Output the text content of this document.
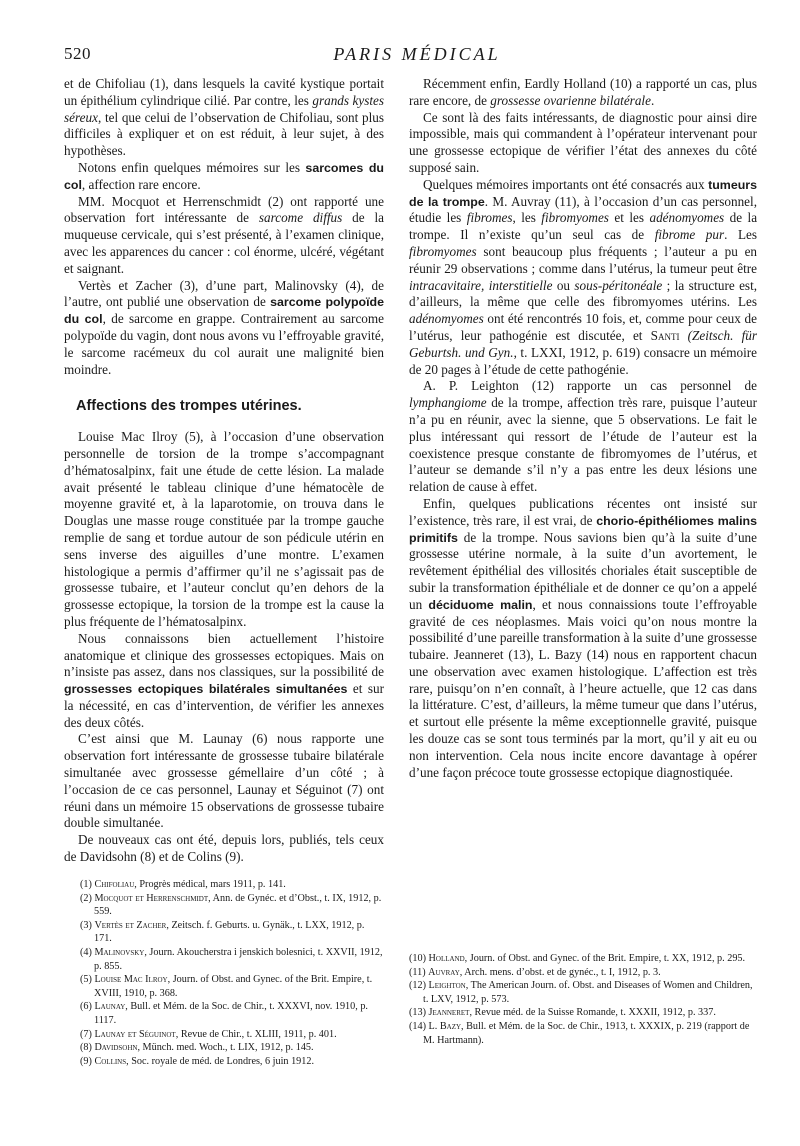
520	PARIS MÉDICAL

et de Chifoliau (1), dans lesquels la cavité kystique portait un épithélium cylindrique cilié. Par contre, les grands kystes séreux, tel que celui de l’observation de Chifoliau, sont plus difficiles à expliquer et on est réduit, à leur sujet, à des hypothèses.

Notons enfin quelques mémoires sur les sarcomes du col, affection rare encore.

MM. Mocquot et Herrenschmidt (2) ont rapporté une observation fort intéressante de sarcome diffus de la muqueuse cervicale, qui s’est présenté, à l’examen clinique, avec les apparences du cancer : col énorme, ulcéré, végétant et saignant.

Vertès et Zacher (3), d’une part, Malinovsky (4), de l’autre, ont publié une observation de sarcome polypoïde du col, de sarcome en grappe. Contrairement au sarcome polypoïde du vagin, dont nous avons vu l’effroyable gravité, le sarcome racémeux du col aurait une malignité bien moindre.

Affections des trompes utérines.

Louise Mac Ilroy (5), à l’occasion d’une observation personnelle de torsion de la trompe s’accompagnant d’hématosalpinx, fait une étude de cette lésion. La malade avait présenté le tableau clinique d’une hématocèle de moyenne gravité et, à la laparotomie, on trouva dans le Douglas une masse rouge constituée par la trompe gauche remplie de sang et tordue autour de son pédicule utérin en sens inverse des aiguilles d’une montre. L’examen histologique a permis d’affirmer qu’il ne s’agissait pas de grossesse tubaire, et l’auteur conclut qu’en dehors de la grossesse ectopique, la torsion de la trompe est la cause la plus fréquente de l’hématosalpinx.

Nous connaissons bien actuellement l’histoire anatomique et clinique des grossesses ectopiques. Mais on n’insiste pas assez, dans nos classiques, sur la possibilité de grossesses ectopiques bilatérales simultanées et sur la nécessité, en cas d’intervention, de vérifier les annexes des deux côtés.

C’est ainsi que M. Launay (6) nous rapporte une observation fort intéressante de grossesse tubaire bilatérale simultanée avec grossesse gémellaire d’un côté ; à l’occasion de ce cas personnel, Launay et Séguinot (7) ont réuni dans un mémoire 15 observations de grossesse tubaire double simultanée.

De nouveaux cas ont été, depuis lors, publiés, tels ceux de Davidsohn (8) et de Colins (9).

Récemment enfin, Eardly Holland (10) a rapporté un cas, plus rare encore, de grossesse ovarienne bilatérale.

Ce sont là des faits intéressants, de diagnostic pour ainsi dire impossible, mais qui commandent à l’opérateur intervenant pour une grossesse ectopique de vérifier l’état des annexes du côté supposé sain.

Quelques mémoires importants ont été consacrés aux tumeurs de la trompe. M. Auvray (11), à l’occasion d’un cas personnel, étudie les fibromes, les fibromyomes et les adénomyomes de la trompe. Il n’existe qu’un seul cas de fibrome pur. Les fibromyomes sont beaucoup plus fréquents ; l’auteur a pu en réunir 29 observations ; comme dans l’utérus, la tumeur peut être intracavitaire, interstitielle ou sous-péritonéale ; la structure est, d’ailleurs, la même que celle des fibromyomes utérins. Les adénomyomes ont été rencontrés 10 fois, et, comme pour ceux de l’utérus, leur pathogénie est discutée, et Santi (Zeitsch. für Geburtsh. und Gyn., t. LXXI, 1912, p. 619) consacre un mémoire de 20 pages à l’étude de cette pathogénie.

A. P. Leighton (12) rapporte un cas personnel de lymphangiome de la trompe, affection très rare, puisque l’auteur n’a pu en réunir, avec la sienne, que 5 observations. Le fait le plus intéressant qui ressort de l’étude de l’auteur est la coexistence presque constante de fibromyomes de l’utérus, et l’auteur se demande s’il n’y a pas entre les deux lésions une relation de cause à effet.

Enfin, quelques publications récentes ont insisté sur l’existence, très rare, il est vrai, de chorio-épithéliomes malins primitifs de la trompe. Nous savions bien qu’à la suite d’une grossesse utérine normale, à la suite d’un avortement, le revêtement épithélial des villosités choriales était susceptible de subir la transformation épithéliale et de donner ce qu’on a appelé un déciduome malin, et nous connaissions toute l’effroyable gravité de ces néoplasmes. Mais voici qu’on nous montre la possibilité d’une pareille transformation à la suite d’une grossesse tubaire. Jeanneret (13), L. Bazy (14) nous en rapportent chacun une observation avec examen histologique. L’affection est très rare, puisqu’on n’en connaît, à l’heure actuelle, que 12 cas dans la littérature. C’est, d’ailleurs, la même tumeur que dans l’utérus, et surtout elle présente la même exceptionnelle gravité, puisque les douze cas se sont tous terminés par la mort, qu’il y ait eu ou non intervention. Cela nous incite encore davantage à opérer d’une façon précoce toute grossesse ectopique diagnostiquée.

(1) Chifoliau, Progrès médical, mars 1911, p. 141.

(2) Mocquot et Herrenschmidt, Ann. de Gynéc. et d’Obst., t. IX, 1912, p. 559.

(3) Vertès et Zacher, Zeitsch. f. Geburts. u. Gynäk., t. LXX, 1912, p. 171.

(4) Malinovsky, Journ. Akoucherstra i jenskich bolesnici, t. XXVII, 1912, p. 855.

(5) Louise Mac Ilroy, Journ. of Obst. and Gynec. of the Brit. Empire, t. XVIII, 1910, p. 368.

(6) Launay, Bull. et Mém. de la Soc. de Chir., t. XXXVI, nov. 1910, p. 1117.

(7) Launay et Séguinot, Revue de Chir., t. XLIII, 1911, p. 401.

(8) Davidsohn, Münch. med. Woch., t. LIX, 1912, p. 145.

(9) Collins, Soc. royale de méd. de Londres, 6 juin 1912.

(10) Holland, Journ. of Obst. and Gynec. of the Brit. Empire, t. XX, 1912, p. 295.

(11) Auvray, Arch. mens. d’obst. et de gynéc., t. I, 1912, p. 3.

(12) Leighton, The American Journ. of. Obst. and Diseases of Women and Children, t. LXV, 1912, p. 573.

(13) Jeanneret, Revue méd. de la Suisse Romande, t. XXXII, 1912, p. 337.

(14) L. Bazy, Bull. et Mém. de la Soc. de Chir., 1913, t. XXXIX, p. 219 (rapport de M. Hartmann).
